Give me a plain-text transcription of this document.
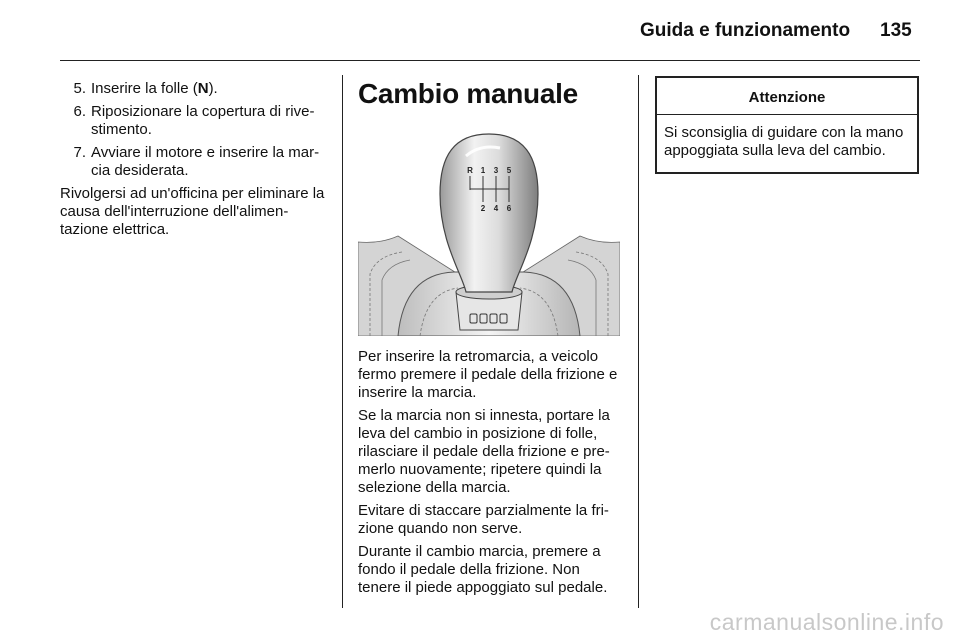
Guida e funzionamento 135
5. Inserire la folle (N).
6. Riposizionare la copertura di rive-stimento.
7. Avviare il motore e inserire la mar-cia desiderata.

Rivolgersi ad un'officina per eliminare la causa dell'interruzione dell'alimen-tazione elettrica.

Cambio manuale
R 1 3 5
2 4 6

Per inserire la retromarcia, a veicolo fermo premere il pedale della frizione e inserire la marcia.

Se la marcia non si innesta, portare la leva del cambio in posizione di folle, rilasciare il pedale della frizione e pre-merlo nuovamente; ripetere quindi la selezione della marcia.

Evitare di staccare parzialmente la fri-zione quando non serve.

Durante il cambio marcia, premere a fondo il pedale della frizione. Non tenere il piede appoggiato sul pedale.

Attenzione
Si sconsiglia di guidare con la mano appoggiata sulla leva del cambio.
carmanualsonline.info
